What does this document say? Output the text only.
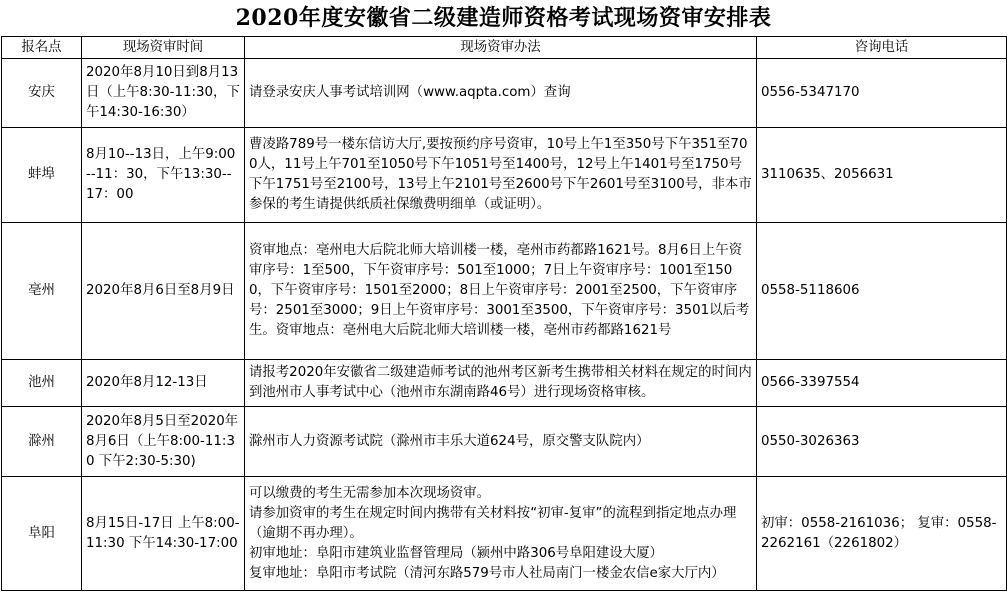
2020年度安徽省二级建造师资格考试现场资审安排表
报名点	现场资审时间	现场资审办法	咨询电话
安庆	2020年8月10日到8月13日（上午8:30-11:30，下午14:30-16:30）	请登录安庆人事考试培训网（www.aqpta.com）查询	0556-5347170
蚌埠	8月10--13日，上午9:00--11：30，下午13:30--17：00	曹凌路789号一楼东信访大厅,要按预约序号资审，10号上午1至350号下午351至700人，11号上午701至1050号下午1051号至1400号，12号上午1401号至1750号下午1751号至2100号，13号上午2101号至2600号下午2601号至3100号，非本市参保的考生请提供纸质社保缴费明细单（或证明）。	3110635、2056631
亳州	2020年8月6日至8月9日	资审地点：亳州电大后院北师大培训楼一楼，亳州市药都路1621号。8月6日上午资审序号：1至500，下午资审序号：501至1000；7日上午资审序号：1001至1500，下午资审序号：1501至2000；8日上午资审序号：2001至2500，下午资审序号：2501至3000；9日上午资审序号：3001至3500，下午资审序号：3501以后考生。资审地点：亳州电大后院北师大培训楼一楼，亳州市药都路1621号	0558-5118606
池州	2020年8月12-13日	请报考2020年安徽省二级建造师考试的池州考区新考生携带相关材料在规定的时间内到池州市人事考试中心（池州市东湖南路46号）进行现场资格审核。	0566-3397554
滁州	2020年8月5日至2020年8月6日（上午8:00-11:30 下午2:30-5:30)	滁州市人力资源考试院（滁州市丰乐大道624号，原交警支队院内）	0550-3026363
阜阳	8月15日-17日 上午8:00-11:30 下午14:30-17:00	可以缴费的考生无需参加本次现场资审。
请参加资审的考生在规定时间内携带有关材料按“初审-复审”的流程到指定地点办理（逾期不再办理）。
初审地址：阜阳市建筑业监督管理局（颍州中路306号阜阳建设大厦）
复审地址：阜阳市考试院（清河东路579号市人社局南门一楼金农信e家大厅内）	初审：0558-2161036； 复审：0558-2262161（2261802）
